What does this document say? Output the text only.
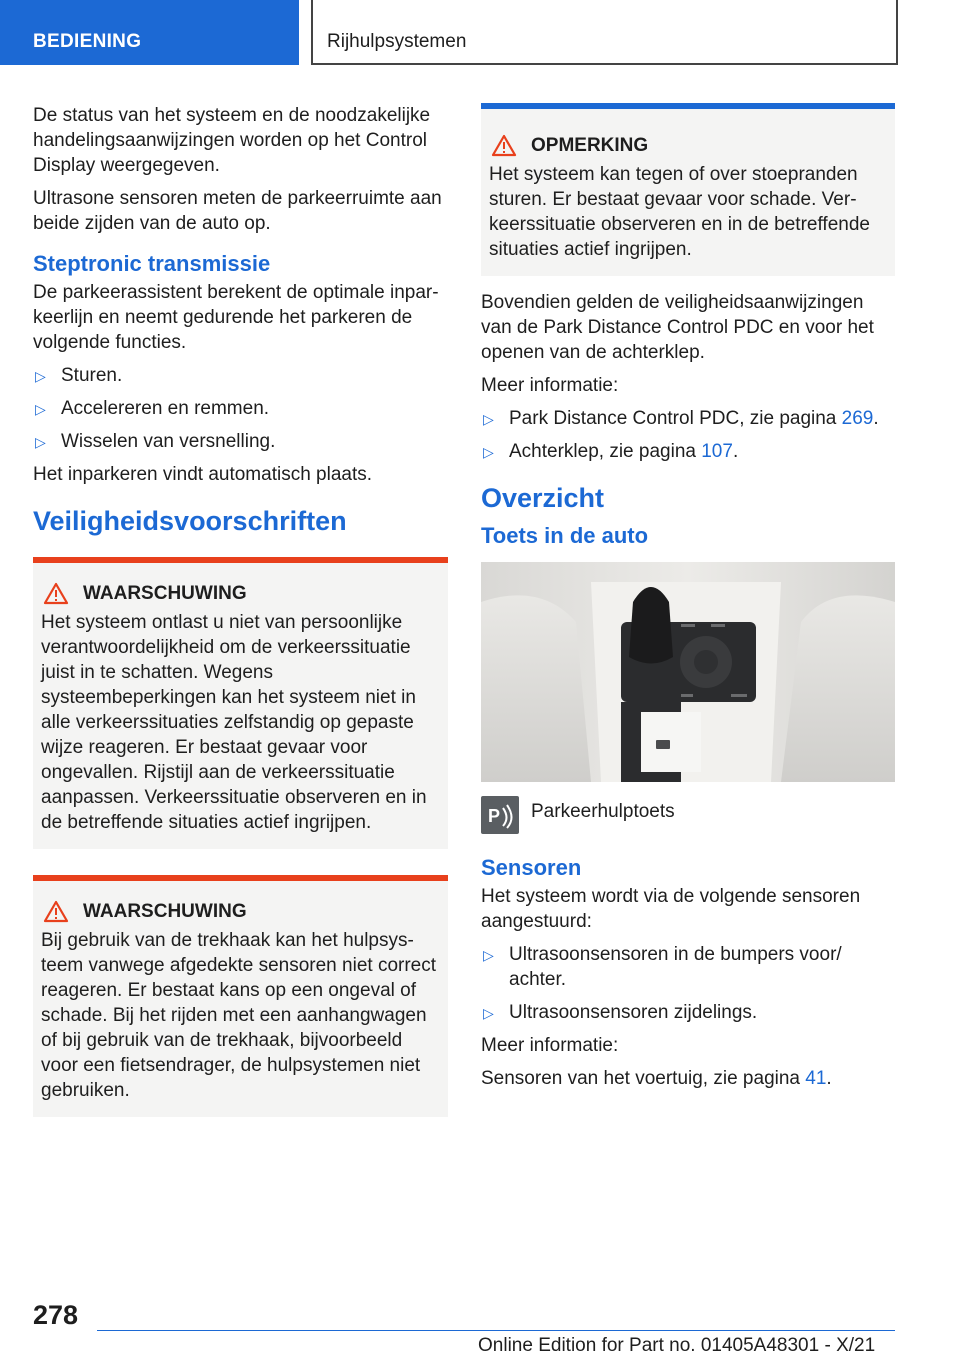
BEDIENING	Rijhulpsystemen

De status van het systeem en de noodzakelijke handelingsaanwijzingen worden op het Control Display weergegeven.

Ultrasone sensoren meten de parkeerruimte aan beide zijden van de auto op.

Steptronic transmissie

De parkeerassistent berekent de optimale inparkeerlijn en neemt gedurende het parkeren de volgende functies.

▷ Sturen.
▷ Accelereren en remmen.
▷ Wisselen van versnelling.

Het inparkeren vindt automatisch plaats.

Veiligheidsvoorschriften
WAARSCHUWING

Het systeem ontlast u niet van persoonlijke verantwoordelijkheid om de verkeerssituatie juist in te schatten. Wegens systeembeperkingen kan het systeem niet in alle verkeerssituaties zelfstandig op gepaste wijze reageren. Er bestaat gevaar voor ongevallen. Rijstijl aan de verkeerssituatie aanpassen. Verkeerssituatie observeren en in de betreffende situaties actief ingrijpen.

WAARSCHUWING

Bij gebruik van de trekhaak kan het hulpsysteem vanwege afgedekte sensoren niet correct reageren. Er bestaat kans op een ongeval of schade. Bij het rijden met een aanhangwagen of bij gebruik van de trekhaak, bijvoorbeeld voor een fietsendrager, de hulpsystemen niet gebruiken.

OPMERKING

Het systeem kan tegen of over stoepranden sturen. Er bestaat gevaar voor schade. Verkeerssituatie observeren en in de betreffende situaties actief ingrijpen.

Bovendien gelden de veiligheidsaanwijzingen van de Park Distance Control PDC en voor het openen van de achterklep.

Meer informatie:

▷ Park Distance Control PDC, zie pagina 269.
▷ Achterklep, zie pagina 107.
Overzicht
Toets in de auto
P Parkeerhulptoets
Sensoren

Het systeem wordt via de volgende sensoren aangestuurd:

▷ Ultrasoonsensoren in de bumpers voor/ achter.
▷ Ultrasoonsensoren zijdelings.

Meer informatie:

Sensoren van het voertuig, zie pagina 41.

278
Online Edition for Part no. 01405A48301 - X/21
